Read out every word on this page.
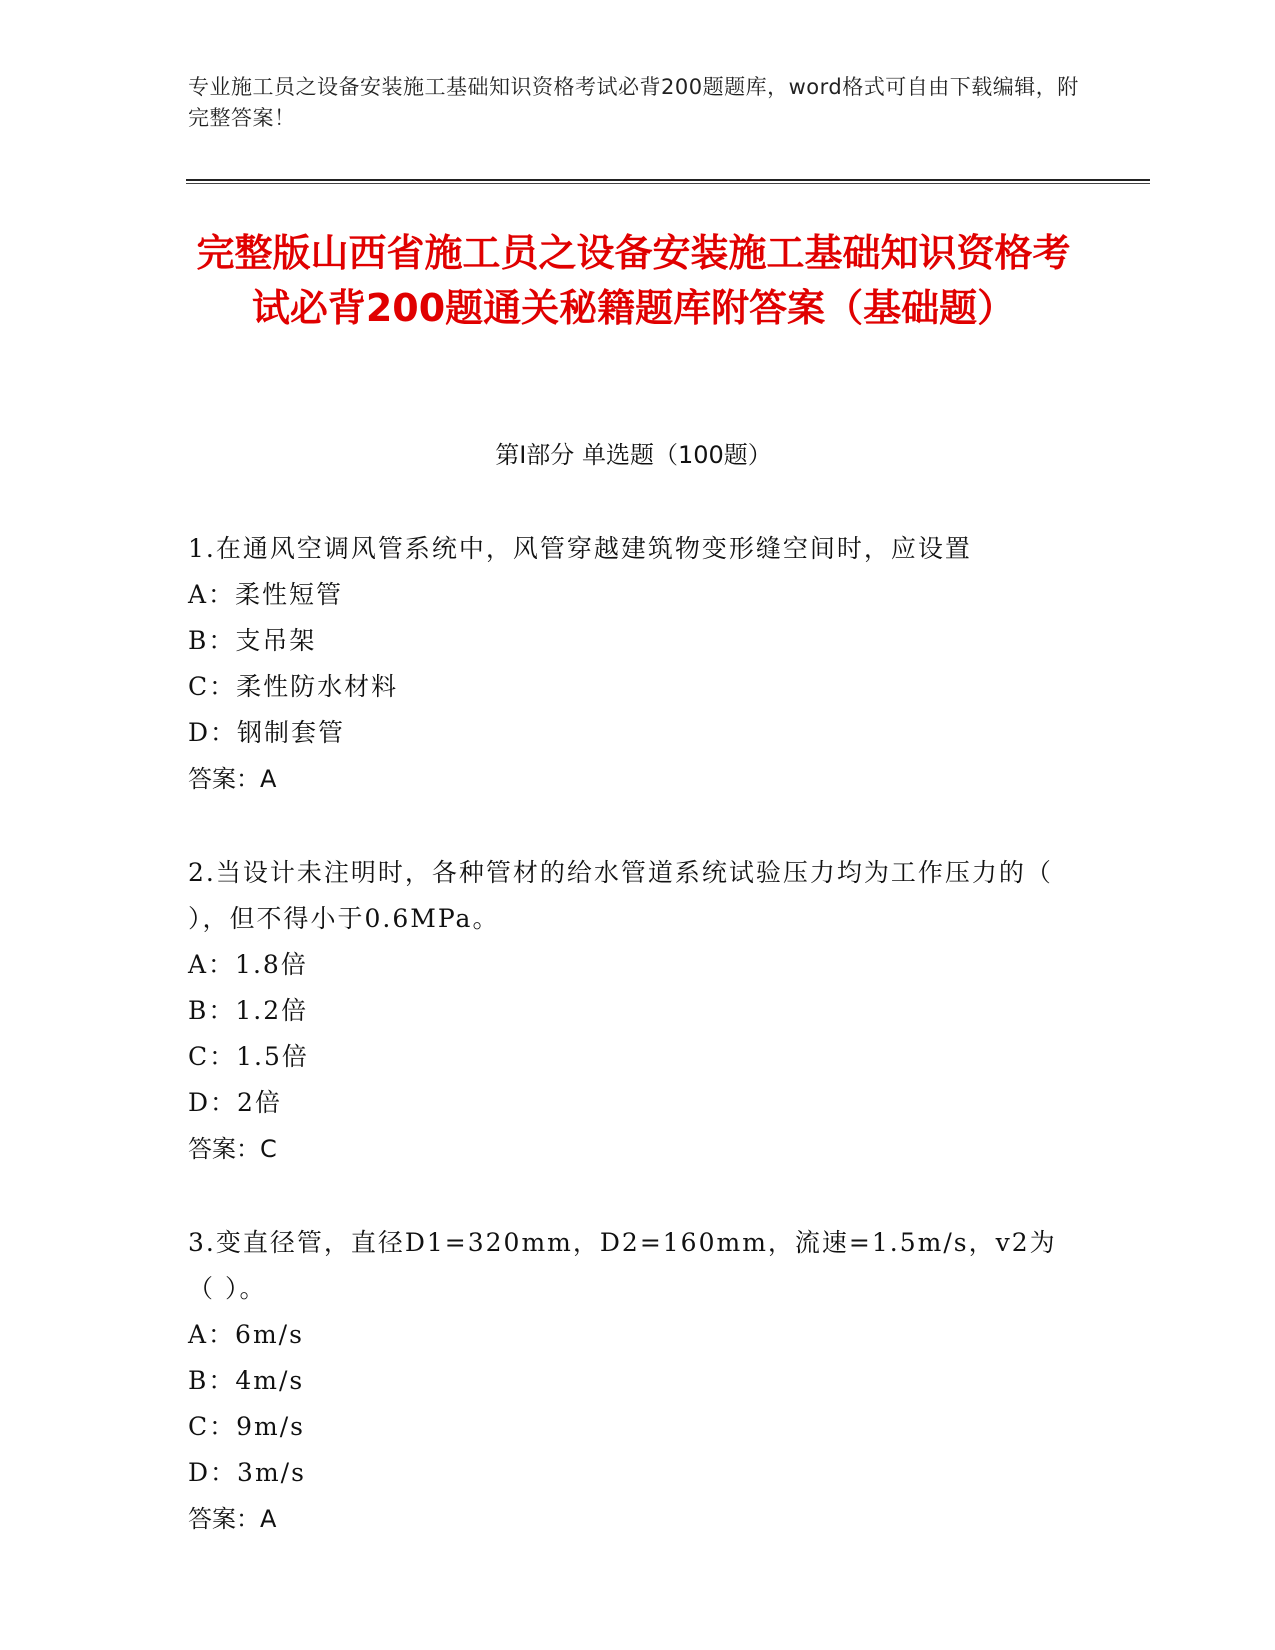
专业施工员之设备安装施工基础知识资格考试必背200题题库，word格式可自由下载编辑，附完整答案！
完整版山西省施工员之设备安装施工基础知识资格考试必背200题通关秘籍题库附答案（基础题）
第I部分 单选题（100题）
1.在通风空调风管系统中，风管穿越建筑物变形缝空间时，应设置
A：柔性短管
B：支吊架
C：柔性防水材料
D：钢制套管
答案：A
2.当设计未注明时，各种管材的给水管道系统试验压力均为工作压力的（ ），但不得小于0.6MPa。
A：1.8倍
B：1.2倍
C：1.5倍
D：2倍
答案：C
3.变直径管，直径D1=320mm，D2=160mm，流速=1.5m/s，v2为（ ）。
A：6m/s
B：4m/s
C：9m/s
D：3m/s
答案：A
